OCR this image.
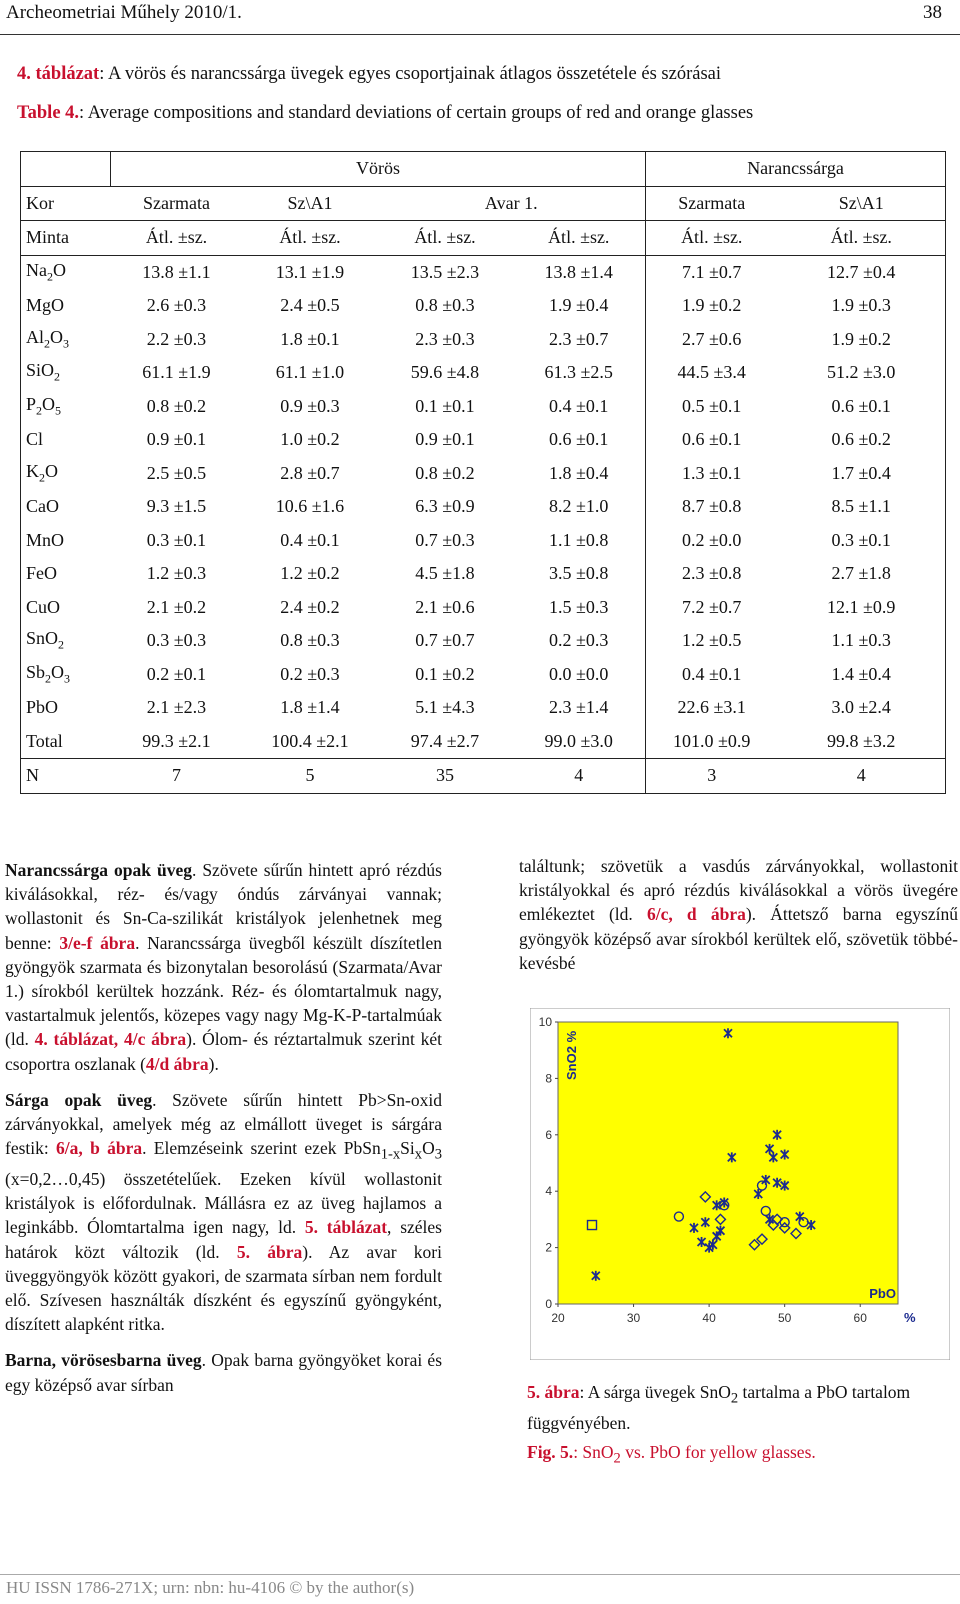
Archeometriai Műhely 2010/1.	38
4. táblázat: A vörös és narancssárga üvegek egyes csoportjainak átlagos összetétele és szórásai
Table 4.: Average compositions and standard deviations of certain groups of red and orange glasses
	Vörös				Narancssárga	
Kor	Szarmata	Sz\A1	Avar 1.		Szarmata	Sz\A1
Minta	Átl. ±sz.	Átl. ±sz.	Átl. ±sz.	Átl. ±sz.	Átl. ±sz.	Átl. ±sz.
$Na_2O$	13.8 ±1.1	13.1 ±1.9	13.5 ±2.3	13.8 ±1.4	7.1 ±0.7	12.7 ±0.4
MgO	2.6 ±0.3	2.4 ±0.5	0.8 ±0.3	1.9 ±0.4	1.9 ±0.2	1.9 ±0.3
$Al_2O_3$	2.2 ±0.3	1.8 ±0.1	2.3 ±0.3	2.3 ±0.7	2.7 ±0.6	1.9 ±0.2
SiO$_2$	61.1 ±1.9	61.1 ±1.0	59.6 ±4.8	61.3 ±2.5	44.5 ±3.4	51.2 ±3.0
$P_2O_5$	0.8 ±0.2	0.9 ±0.3	0.1 ±0.1	0.4 ±0.1	0.5 ±0.1	0.6 ±0.1
Cl	0.9 ±0.1	1.0 ±0.2	0.9 ±0.1	0.6 ±0.1	0.6 ±0.1	0.6 ±0.2
$K_2O$	2.5 ±0.5	2.8 ±0.7	0.8 ±0.2	1.8 ±0.4	1.3 ±0.1	1.7 ±0.4
CaO	9.3 ±1.5	10.6 ±1.6	6.3 ±0.9	8.2 ±1.0	8.7 ±0.8	8.5 ±1.1
MnO	0.3 ±0.1	0.4 ±0.1	0.7 ±0.3	1.1 ±0.8	0.2 ±0.0	0.3 ±0.1
FeO	1.2 ±0.3	1.2 ±0.2	4.5 ±1.8	3.5 ±0.8	2.3 ±0.8	2.7 ±1.8
CuO	2.1 ±0.2	2.4 ±0.2	2.1 ±0.6	1.5 ±0.3	7.2 ±0.7	12.1 ±0.9
SnO$_2$	0.3 ±0.3	0.8 ±0.3	0.7 ±0.7	0.2 ±0.3	1.2 ±0.5	1.1 ±0.3
$Sb_2O_3$	0.2 ±0.1	0.2 ±0.3	0.1 ±0.2	0.0 ±0.0	0.4 ±0.1	1.4 ±0.4
PbO	2.1 ±2.3	1.8 ±1.4	5.1 ±4.3	2.3 ±1.4	22.6 ±3.1	3.0 ±2.4
Total	99.3 ±2.1	100.4 ±2.1	97.4 ±2.7	99.0 ±3.0	101.0 ±0.9	99.8 ±3.2
N	7	5	35	4	3	4

Narancssárga opak üveg. Szövete sűrűn hintett apró rézdús kiválásokkal, réz- és/vagy óndús zárványai vannak; wollastonit és Sn-Ca-szilikát kristályok jelenhetnek meg benne: 3/e-f ábra. Narancssárga üvegből készült díszítetlen gyöngyök szarmata és bizonytalan besorolású (Szarmata/Avar 1.) sírokból kerültek hozzánk. Réz- és ólomtartalmuk nagy, vastartalmuk jelentős, közepes vagy nagy Mg-K-P-tartalmúak (ld. 4. táblázat, 4/c ábra). Ólom- és réztartalmuk szerint két csoportra oszlanak (4/d ábra).

Sárga opak üveg. Szövete sűrűn hintett Pb>Sn-oxid zárványokkal, amelyek még az elmállott üveget is sárgára festik: 6/a, b ábra. Elemzéseink szerint ezek $PbSn_{1-x}Si_xO_3$ (x=0,2…0,45) összetételűek. Ezeken kívül wollastonit kristályok is előfordulnak. Mállásra ez az üveg hajlamos a leginkább. Ólomtartalma igen nagy, ld. 5. táblázat, széles határok közt változik (ld. 5. ábra). Az avar kori üveggyöngyök között gyakori, de szarmata sírban nem fordult elő. Szívesen használták díszként és egyszínű gyöngyként, díszített alapként ritka.

Barna, vörösesbarna üveg. Opak barna gyöngyöket korai és egy középső avar sírban

találtunk; szövetük a vasdús zárványokkal, wollastonit kristályokkal és apró rézdús kiválásokkal a vörös üvegére emlékeztet (ld. 6/c, d ábra). Áttetsző barna egyszínű gyöngyök középső avar sírokból kerültek elő, szövetük többé-kevésbé

0
2
4
6
8
10
20	30	40	50	60	%
SnO2 %
PbO
5. ábra: A sárga üvegek SnO$_2$ tartalma a PbO tartalom függvényében.
Fig. 5.: SnO$_2$ vs. PbO for yellow glasses.
HU ISSN 1786-271X; urn: nbn: hu-4106 © by the author(s)
